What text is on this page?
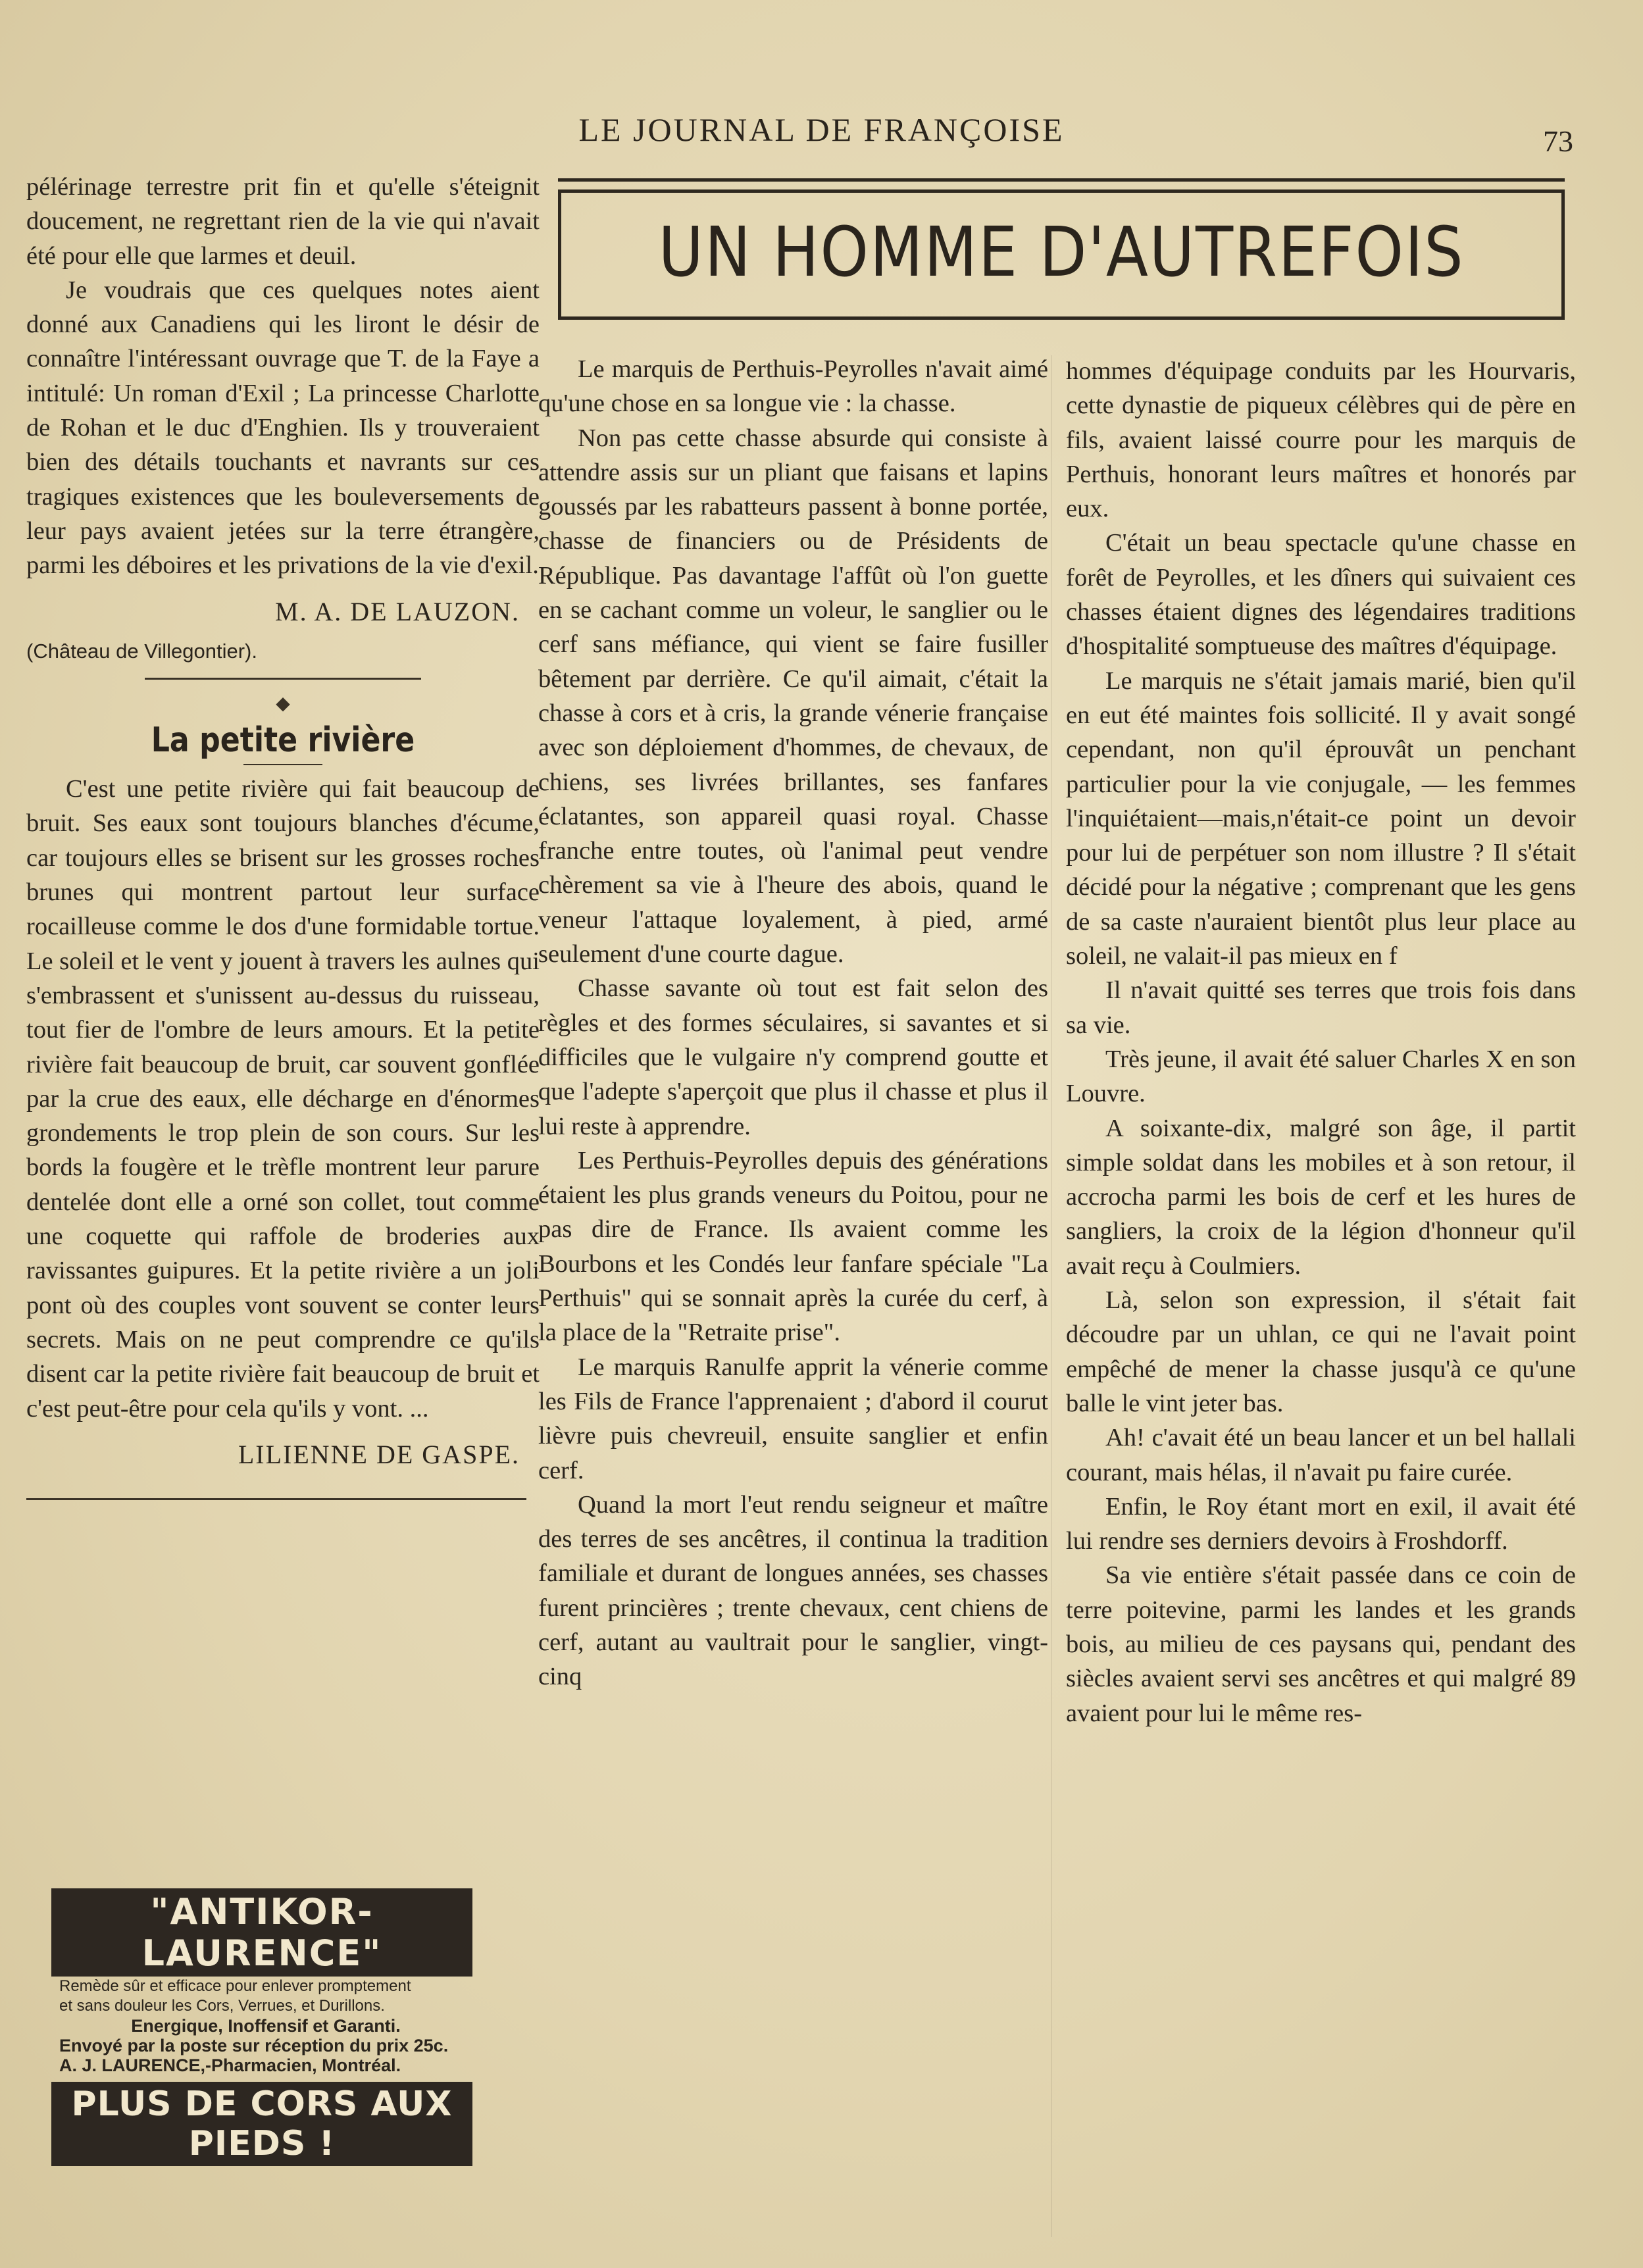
LE JOURNAL DE FRANÇOISE	73

pélérinage terrestre prit fin et qu'elle s'éteignit doucement, ne regrettant rien de la vie qui n'avait été pour elle que larmes et deuil.

Je voudrais que ces quelques notes aient donné aux Canadiens qui les liront le désir de connaître l'intéressant ouvrage que T. de la Faye a intitulé: Un roman d'Exil ; La princesse Charlotte de Rohan et le duc d'Enghien. Ils y trouveraient bien des détails touchants et navrants sur ces tragiques existences que les bouleversements de leur pays avaient jetées sur la terre étrangère, parmi les déboires et les privations de la vie d'exil.

M. A. DE LAUZON.
(Château de Villegontier).
◆
La petite rivière

C'est une petite rivière qui fait beaucoup de bruit. Ses eaux sont toujours blanches d'écume, car toujours elles se brisent sur les grosses roches brunes qui montrent partout leur surface rocailleuse comme le dos d'une formidable tortue. Le soleil et le vent y jouent à travers les aulnes qui s'embrassent et s'unissent au-dessus du ruisseau, tout fier de l'ombre de leurs amours. Et la petite rivière fait beaucoup de bruit, car souvent gonflée par la crue des eaux, elle décharge en d'énormes grondements le trop plein de son cours. Sur les bords la fougère et le trèfle montrent leur parure dentelée dont elle a orné son collet, tout comme une coquette qui raffole de broderies aux ravissantes guipures. Et la petite rivière a un joli pont où des couples vont souvent se conter leurs secrets. Mais on ne peut comprendre ce qu'ils disent car la petite rivière fait beaucoup de bruit et c'est peut-être pour cela qu'ils y vont. ...

LILIENNE DE GASPE.
"ANTIKOR-LAURENCE"
Remède sûr et efficace pour enlever promptement
et sans douleur les Cors, Verrues, et Durillons.
Energique, Inoffensif et Garanti.
Envoyé par la poste sur réception du prix 25c.
A. J. LAURENCE,-Pharmacien, Montréal.
PLUS DE CORS AUX PIEDS !
UN HOMME D'AUTREFOIS

Le marquis de Perthuis-Peyrolles n'avait aimé qu'une chose en sa longue vie : la chasse.

Non pas cette chasse absurde qui consiste à attendre assis sur un pliant que faisans et lapins goussés par les rabatteurs passent à bonne portée, chasse de financiers ou de Présidents de République. Pas davantage l'affût où l'on guette en se cachant comme un voleur, le sanglier ou le cerf sans méfiance, qui vient se faire fusiller bêtement par derrière. Ce qu'il aimait, c'était la chasse à cors et à cris, la grande vénerie française avec son déploiement d'hommes, de chevaux, de chiens, ses livrées brillantes, ses fanfares éclatantes, son appareil quasi royal. Chasse franche entre toutes, où l'animal peut vendre chèrement sa vie à l'heure des abois, quand le veneur l'attaque loyalement, à pied, armé seulement d'une courte dague.

Chasse savante où tout est fait selon des règles et des formes séculaires, si savantes et si difficiles que le vulgaire n'y comprend goutte et que l'adepte s'aperçoit que plus il chasse et plus il lui reste à apprendre.

Les Perthuis-Peyrolles depuis des générations étaient les plus grands veneurs du Poitou, pour ne pas dire de France. Ils avaient comme les Bourbons et les Condés leur fanfare spéciale "La Perthuis" qui se sonnait après la curée du cerf, à la place de la "Retraite prise".

Le marquis Ranulfe apprit la vénerie comme les Fils de France l'apprenaient ; d'abord il courut lièvre puis chevreuil, ensuite sanglier et enfin cerf.

Quand la mort l'eut rendu seigneur et maître des terres de ses ancêtres, il continua la tradition familiale et durant de longues années, ses chasses furent princières ; trente chevaux, cent chiens de cerf, autant au vaultrait pour le sanglier, vingt-cinq

hommes d'équipage conduits par les Hourvaris, cette dynastie de piqueux célèbres qui de père en fils, avaient laissé courre pour les marquis de Perthuis, honorant leurs maîtres et honorés par eux.

C'était un beau spectacle qu'une chasse en forêt de Peyrolles, et les dîners qui suivaient ces chasses étaient dignes des légendaires traditions d'hospitalité somptueuse des maîtres d'équipage.

Le marquis ne s'était jamais marié, bien qu'il en eut été maintes fois sollicité. Il y avait songé cependant, non qu'il éprouvât un penchant particulier pour la vie conjugale, — les femmes l'inquiétaient—mais,n'était-ce point un devoir pour lui de perpétuer son nom illustre ? Il s'était décidé pour la négative ; comprenant que les gens de sa caste n'auraient bientôt plus leur place au soleil, ne valait-il pas mieux en f

Il n'avait quitté ses terres que trois fois dans sa vie.

Très jeune, il avait été saluer Charles X en son Louvre.

A soixante-dix, malgré son âge, il partit simple soldat dans les mobiles et à son retour, il accrocha parmi les bois de cerf et les hures de sangliers, la croix de la légion d'honneur qu'il avait reçu à Coulmiers.

Là, selon son expression, il s'était fait découdre par un uhlan, ce qui ne l'avait point empêché de mener la chasse jusqu'à ce qu'une balle le vint jeter bas.

Ah! c'avait été un beau lancer et un bel hallali courant, mais hélas, il n'avait pu faire curée.

Enfin, le Roy étant mort en exil, il avait été lui rendre ses derniers devoirs à Froshdorff.

Sa vie entière s'était passée dans ce coin de terre poitevine, parmi les landes et les grands bois, au milieu de ces paysans qui, pendant des siècles avaient servi ses ancêtres et qui malgré 89 avaient pour lui le même res-
